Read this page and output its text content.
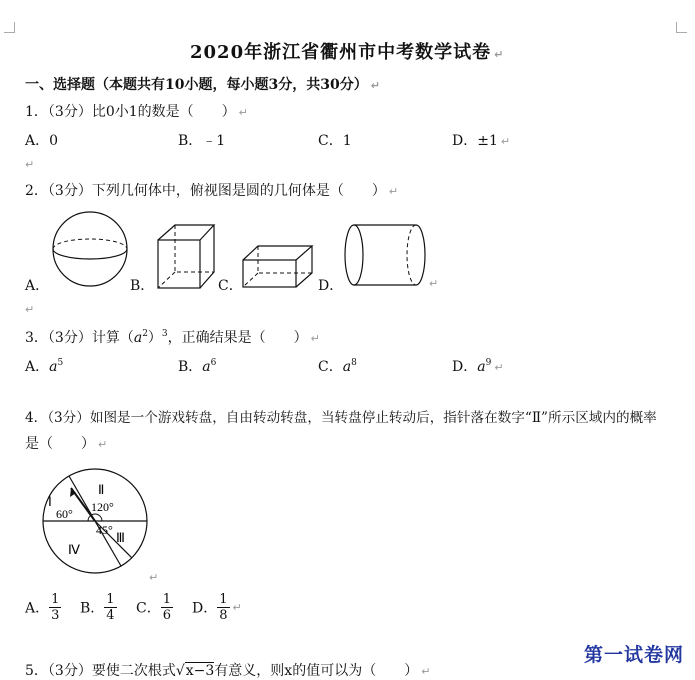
2020年浙江省衢州市中考数学试卷 ↵
一、选择题（本题共有10小题，每小题3分，共30分） ↵
1．（3分）比0小1的数是（　　） ↵
A．0	B．﹣1	C．1	D．±1 ↵
↵
2．（3分）下列几何体中，俯视图是圆的几何体是（　　） ↵
A．	B．	C．	D．	↵
↵
3．（3分）计算$(a^2)^3$，正确结果是（　　） ↵
A．$a^5$	B．$a^6$	C．$a^8$	D．$a^9$ ↵
4．（3分）如图是一个游戏转盘，自由转动转盘，当转盘停止转动后，指针落在数字“Ⅱ”所示区域内的概率
是（　　） ↵
Ⅰ
Ⅱ
Ⅲ
Ⅳ
60° 120°
45°
↵
A． $\frac{1}{3}$ B． $\frac{1}{4}$ C． $\frac{1}{6}$ D． $\frac{1}{8}$ ↵
5．（3分）要使二次根式√x−3有意义，则x的值可以为（　　） ↵
第一试卷网
